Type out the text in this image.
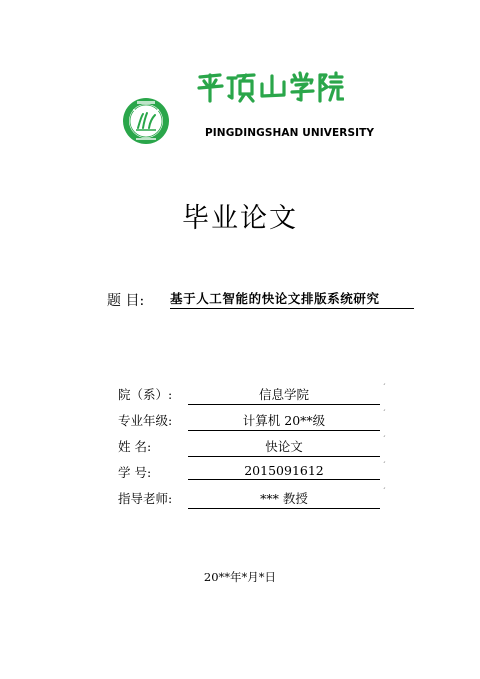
PINGDINGSHAN UNIVERSITY
毕业论文
题 目: 基于人工智能的快论文排版系统研究
院（系）:	信息学院	´
专业年级:	计算机 20**级	´
姓 名:	快论文	´
学 号:	2015091612	´
指导老师:	*** 教授	´
20**年*月*日
